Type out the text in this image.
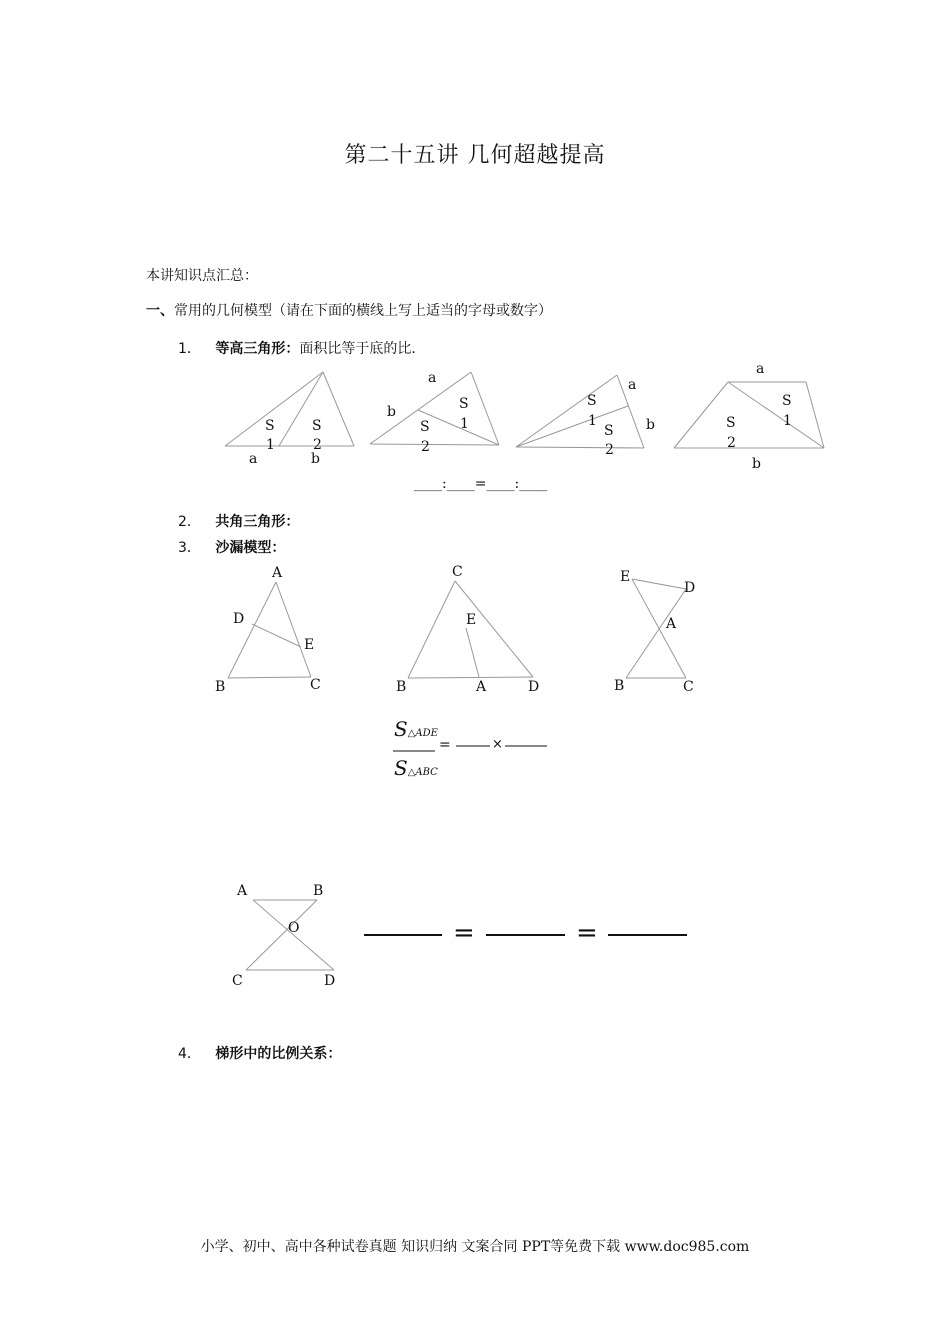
第二十五讲 几何超越提高
本讲知识点汇总：
一、常用的几何模型（请在下面的横线上写上适当的字母或数字）
1． 等高三角形：面积比等于底的比．
S
1
S
2
a	b
a
b	S
1
S
2
a
b
S
1
S
2
a
b
S
1
S
2
A
D
E
B	C
C
E
B	A	D
E
D
A
B	C
A	B
O
C	D
____:____=____:____
2． 共角三角形：
3． 沙漏模型：
S△ADE
S△ABC
=	×
=	=
4． 梯形中的比例关系：
小学、初中、高中各种试卷真题 知识归纳 文案合同 PPT等免费下载 www.doc985.com
